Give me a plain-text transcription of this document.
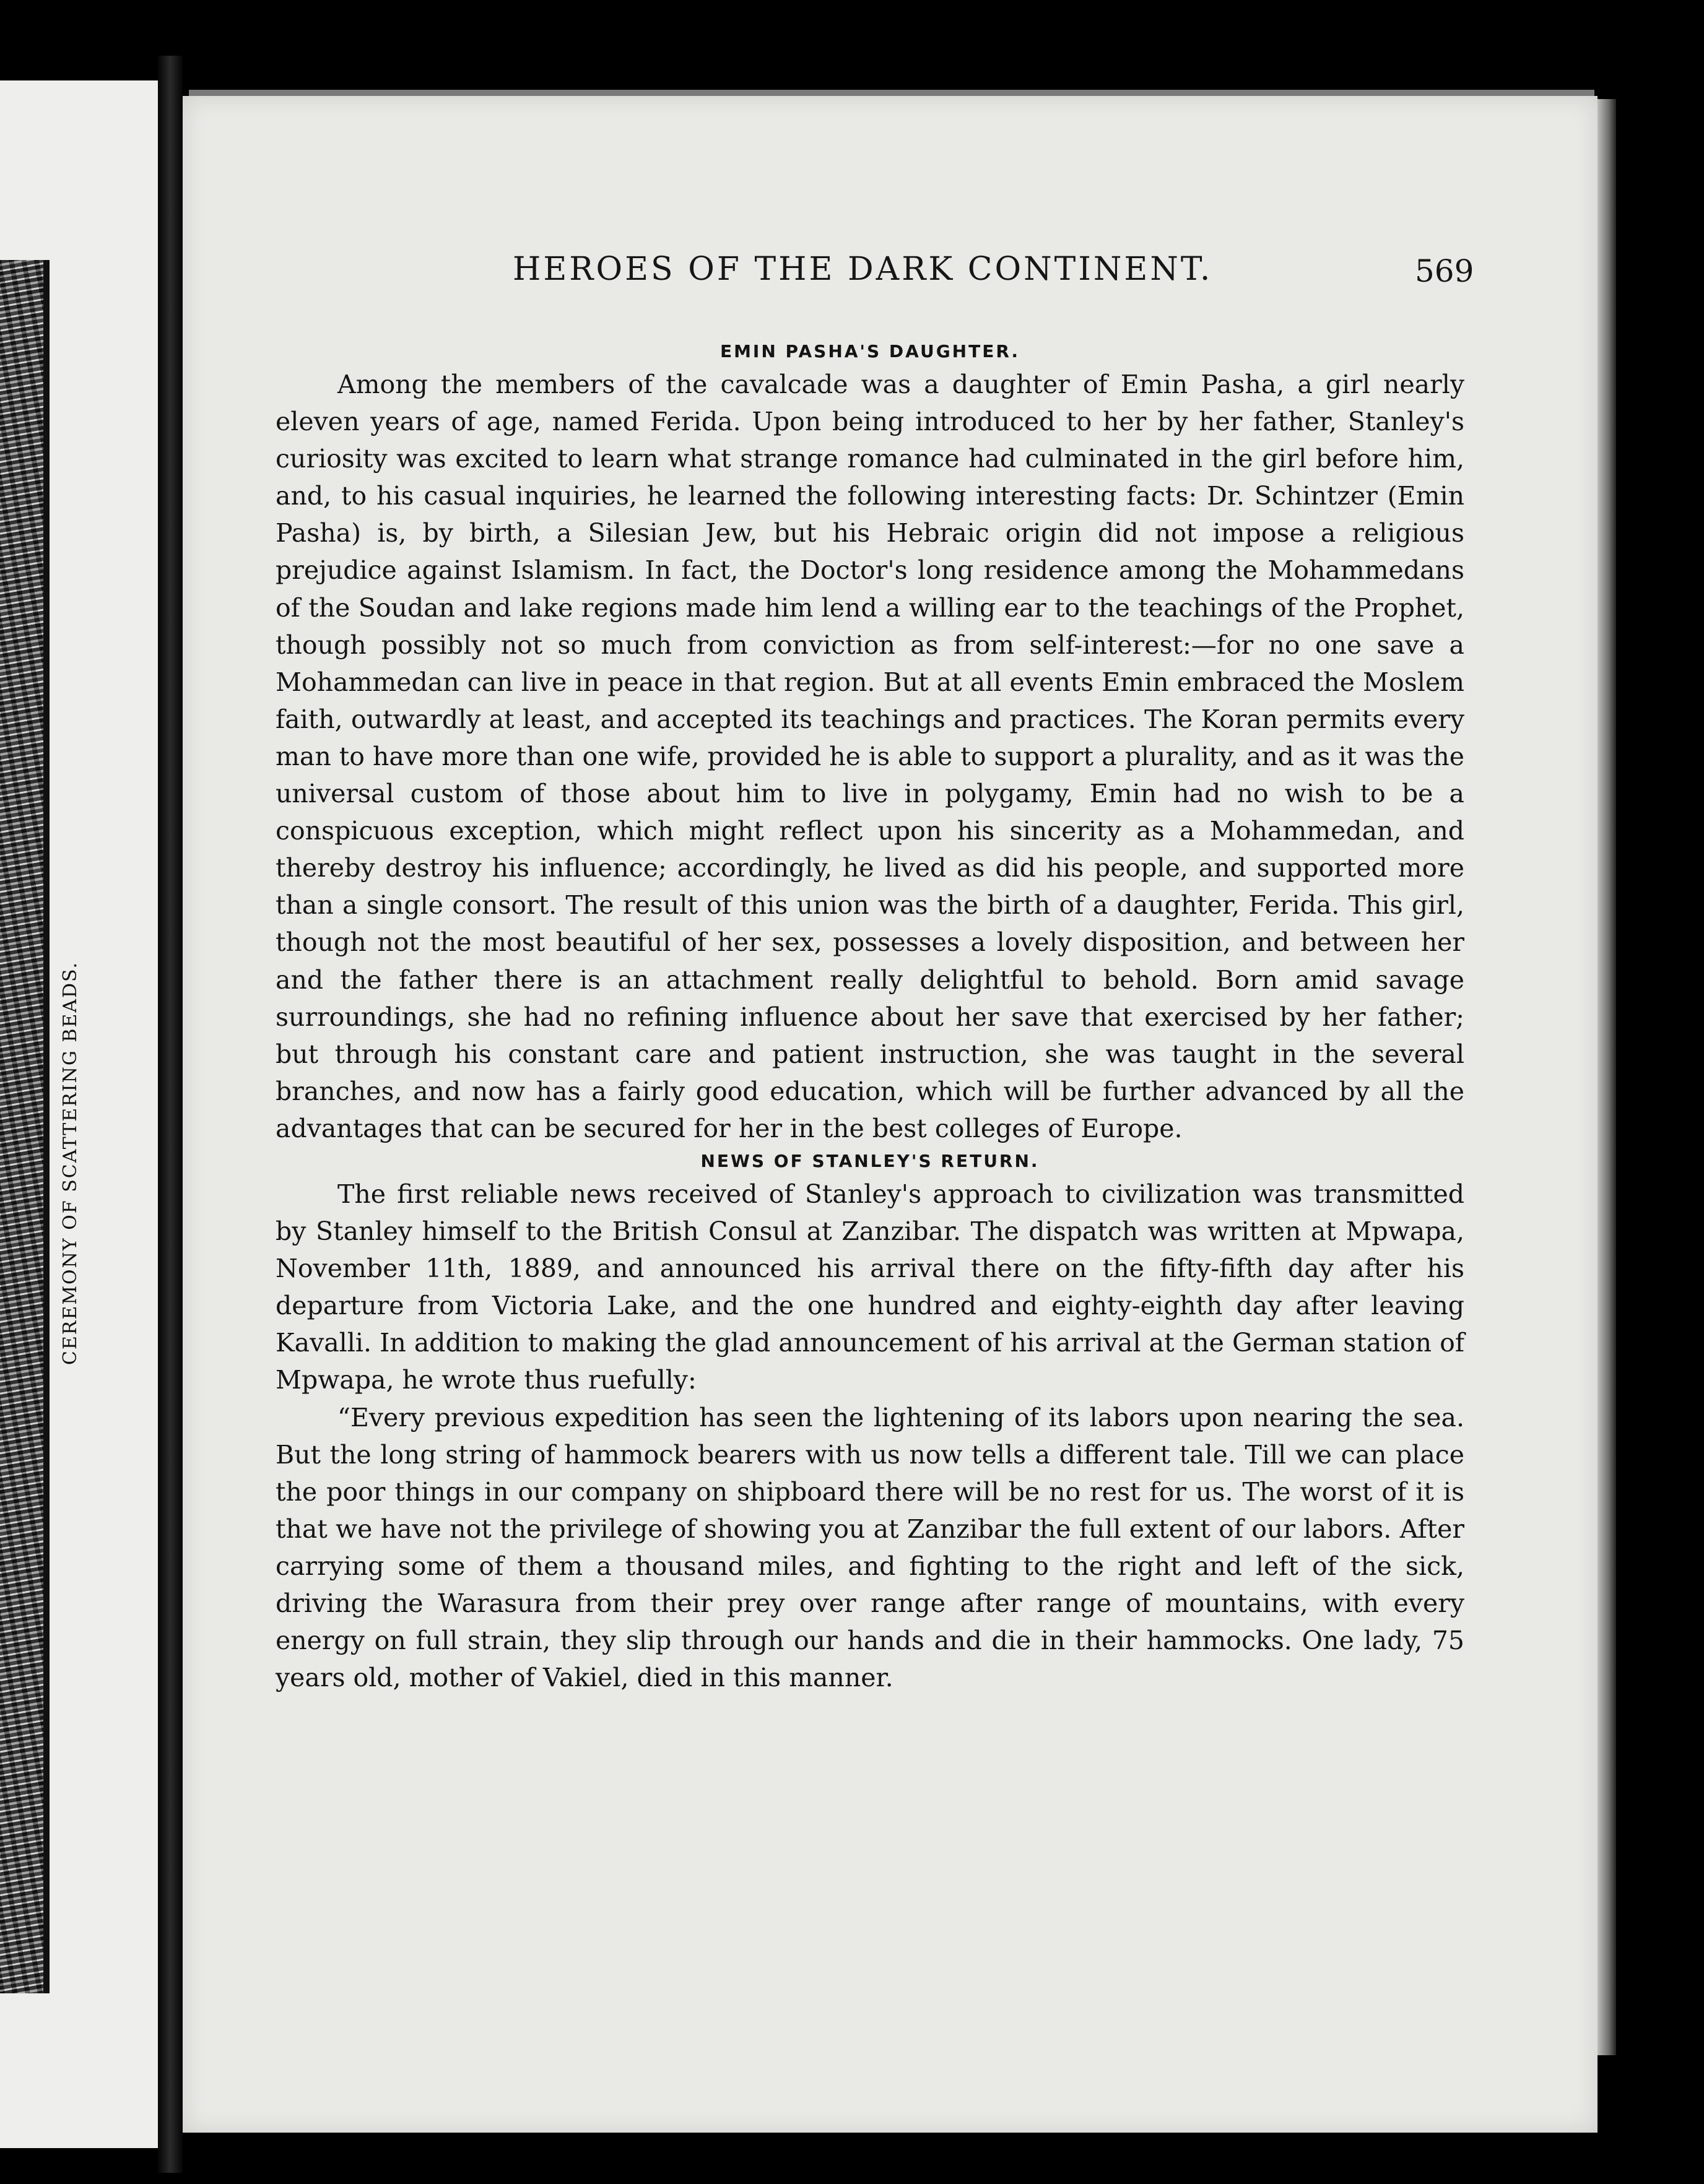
CEREMONY OF SCATTERING BEADS.
HEROES OF THE DARK CONTINENT.	569
EMIN PASHA'S DAUGHTER.

Among the members of the cavalcade was a daughter of Emin Pasha, a girl nearly eleven years of age, named Ferida. Upon being introduced to her by her father, Stanley's curiosity was excited to learn what strange romance had culminated in the girl before him, and, to his casual inquiries, he learned the following interesting facts: Dr. Schintzer (Emin Pasha) is, by birth, a Silesian Jew, but his Hebraic origin did not impose a religious prejudice against Islamism. In fact, the Doctor's long residence among the Mohammedans of the Soudan and lake regions made him lend a willing ear to the teachings of the Prophet, though possibly not so much from conviction as from self-interest:—for no one save a Mohammedan can live in peace in that region. But at all events Emin embraced the Moslem faith, outwardly at least, and accepted its teachings and practices. The Koran permits every man to have more than one wife, provided he is able to support a plurality, and as it was the universal custom of those about him to live in polygamy, Emin had no wish to be a conspicuous exception, which might reflect upon his sincerity as a Mohammedan, and thereby destroy his influence; accordingly, he lived as did his people, and supported more than a single consort. The result of this union was the birth of a daughter, Ferida. This girl, though not the most beautiful of her sex, possesses a lovely disposition, and between her and the father there is an attachment really delightful to behold. Born amid savage surroundings, she had no refining influence about her save that exercised by her father; but through his constant care and patient instruction, she was taught in the several branches, and now has a fairly good education, which will be further advanced by all the advantages that can be secured for her in the best colleges of Europe.

NEWS OF STANLEY'S RETURN.

The first reliable news received of Stanley's approach to civilization was transmitted by Stanley himself to the British Consul at Zanzibar. The dispatch was written at Mpwapa, November 11th, 1889, and announced his arrival there on the fifty-fifth day after his departure from Victoria Lake, and the one hundred and eighty-eighth day after leaving Kavalli. In addition to making the glad announcement of his arrival at the German station of Mpwapa, he wrote thus ruefully:

“Every previous expedition has seen the lightening of its labors upon nearing the sea. But the long string of hammock bearers with us now tells a different tale. Till we can place the poor things in our company on shipboard there will be no rest for us. The worst of it is that we have not the privilege of showing you at Zanzibar the full extent of our labors. After carrying some of them a thousand miles, and fighting to the right and left of the sick, driving the Warasura from their prey over range after range of mountains, with every energy on full strain, they slip through our hands and die in their hammocks. One lady, 75 years old, mother of Vakiel, died in this manner.
